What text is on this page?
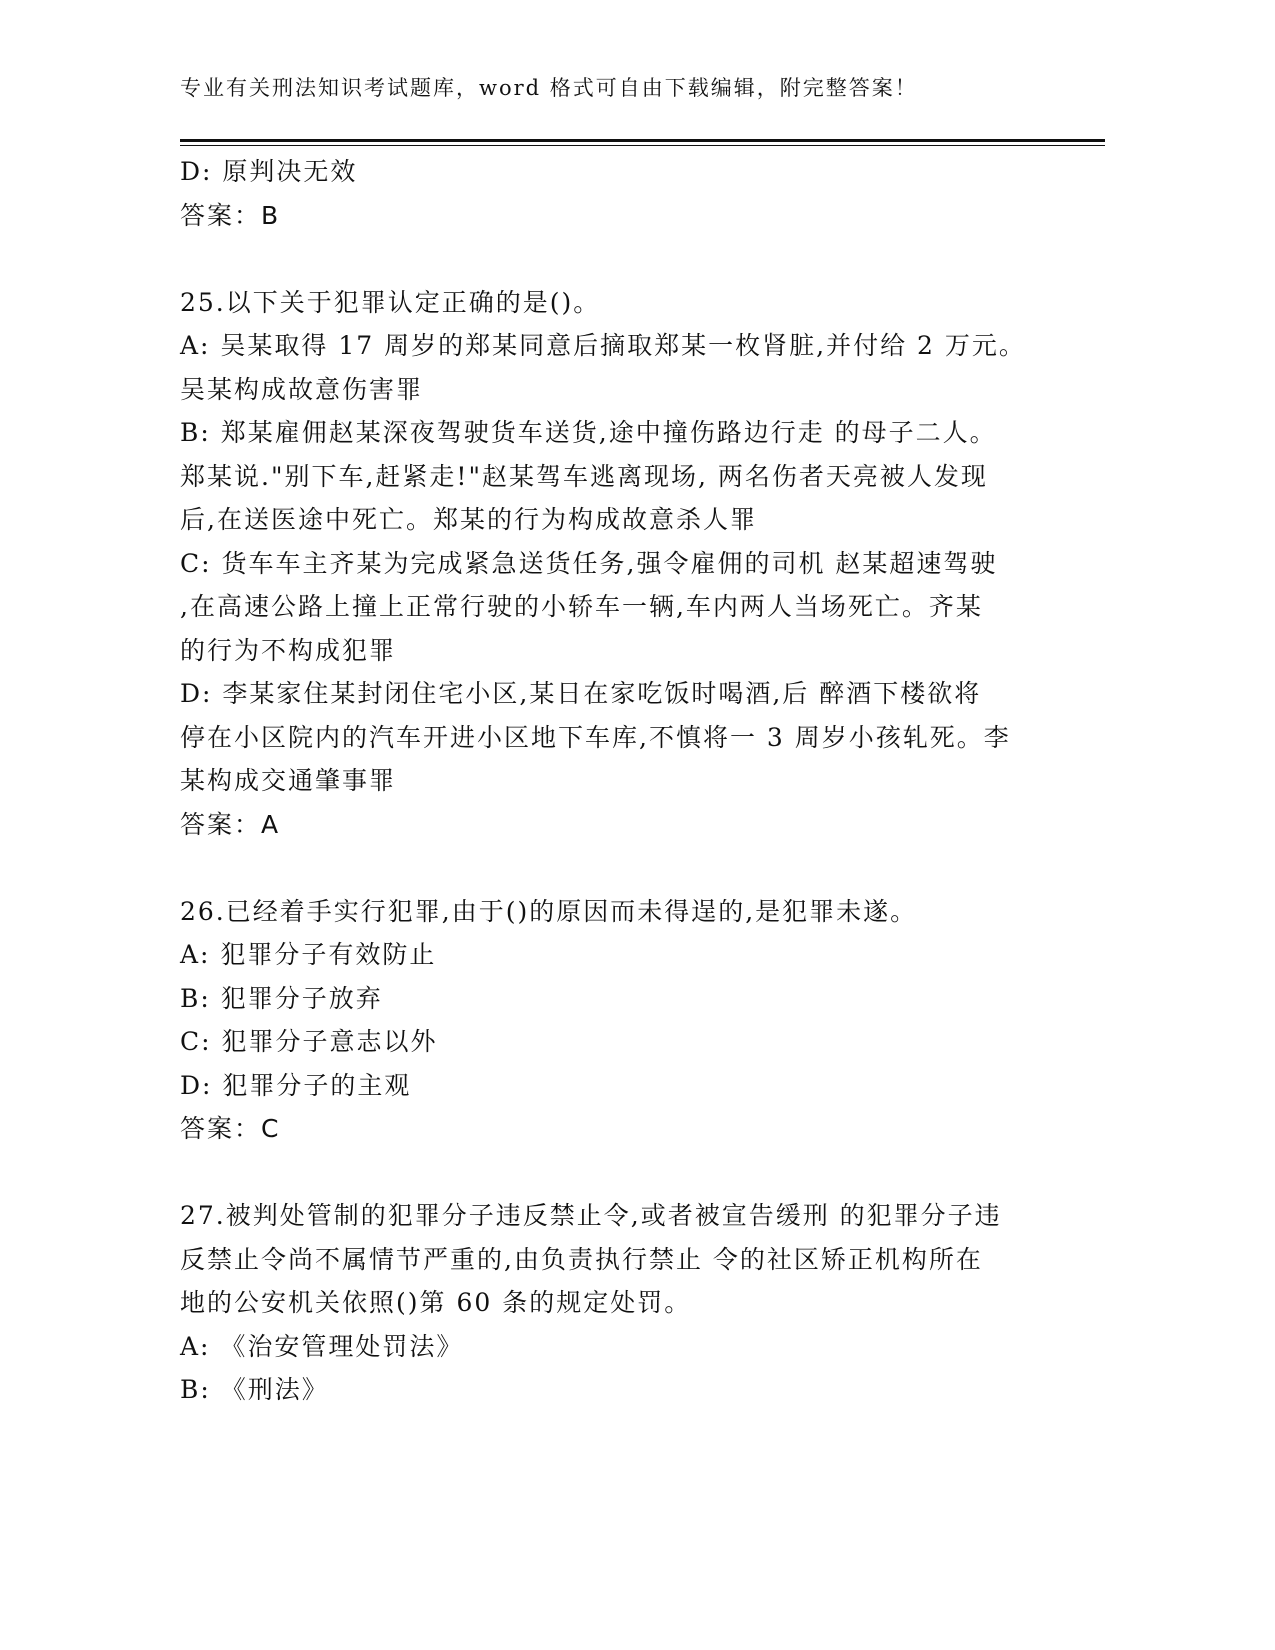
专业有关刑法知识考试题库，word 格式可自由下载编辑，附完整答案！
D: 原判决无效
答案：B
25.以下关于犯罪认定正确的是()。
A: 吴某取得 17 周岁的郑某同意后摘取郑某一枚肾脏,并付给 2 万元。
吴某构成故意伤害罪
B: 郑某雇佣赵某深夜驾驶货车送货,途中撞伤路边行走 的母子二人。
郑某说."别下车,赶紧走!"赵某驾车逃离现场, 两名伤者天亮被人发现
后,在送医途中死亡。郑某的行为构成故意杀人罪
C: 货车车主齐某为完成紧急送货任务,强令雇佣的司机 赵某超速驾驶
,在高速公路上撞上正常行驶的小轿车一辆,车内两人当场死亡。齐某
的行为不构成犯罪
D: 李某家住某封闭住宅小区,某日在家吃饭时喝酒,后 醉酒下楼欲将
停在小区院内的汽车开进小区地下车库,不慎将一 3 周岁小孩轧死。李
某构成交通肇事罪
答案：A
26.已经着手实行犯罪,由于()的原因而未得逞的,是犯罪未遂。
A: 犯罪分子有效防止
B: 犯罪分子放弃
C: 犯罪分子意志以外
D: 犯罪分子的主观
答案：C
27.被判处管制的犯罪分子违反禁止令,或者被宣告缓刑 的犯罪分子违
反禁止令尚不属情节严重的,由负责执行禁止 令的社区矫正机构所在
地的公安机关依照()第 60 条的规定处罚。
A: 《治安管理处罚法》
B: 《刑法》
